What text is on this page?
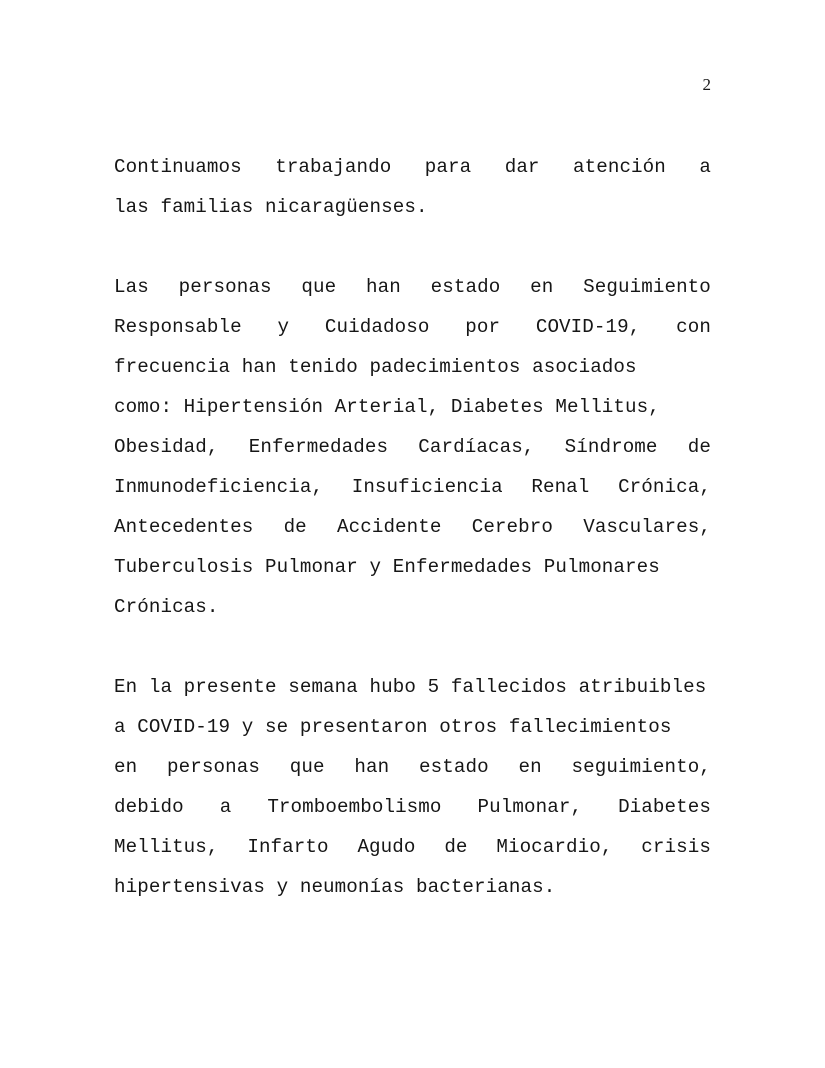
2

Continuamos trabajando para dar atención a
las familias nicaragüenses.

Las personas que han estado en Seguimiento
Responsable y Cuidadoso por COVID-19, con
frecuencia han tenido padecimientos asociados
como: Hipertensión Arterial, Diabetes Mellitus,
Obesidad, Enfermedades Cardíacas, Síndrome de
Inmunodeficiencia, Insuficiencia Renal Crónica,
Antecedentes de Accidente Cerebro Vasculares,
Tuberculosis Pulmonar y Enfermedades Pulmonares
Crónicas.

En la presente semana hubo 5 fallecidos atribuibles
a COVID-19 y se presentaron otros fallecimientos
en personas que han estado en seguimiento,
debido a Tromboembolismo Pulmonar, Diabetes
Mellitus, Infarto Agudo de Miocardio, crisis
hipertensivas y neumonías bacterianas.
